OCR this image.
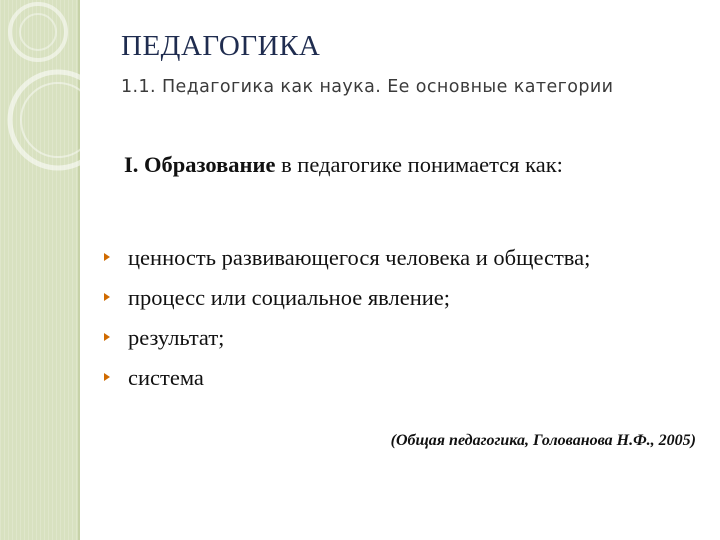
ПЕДАГОГИКА
1.1. Педагогика как наука. Ее основные категории
I. Образование в педагогике понимается как:
ценность развивающегося человека и общества;
процесс или социальное явление;
результат;
система
(Общая педагогика, Голованова Н.Ф., 2005)
